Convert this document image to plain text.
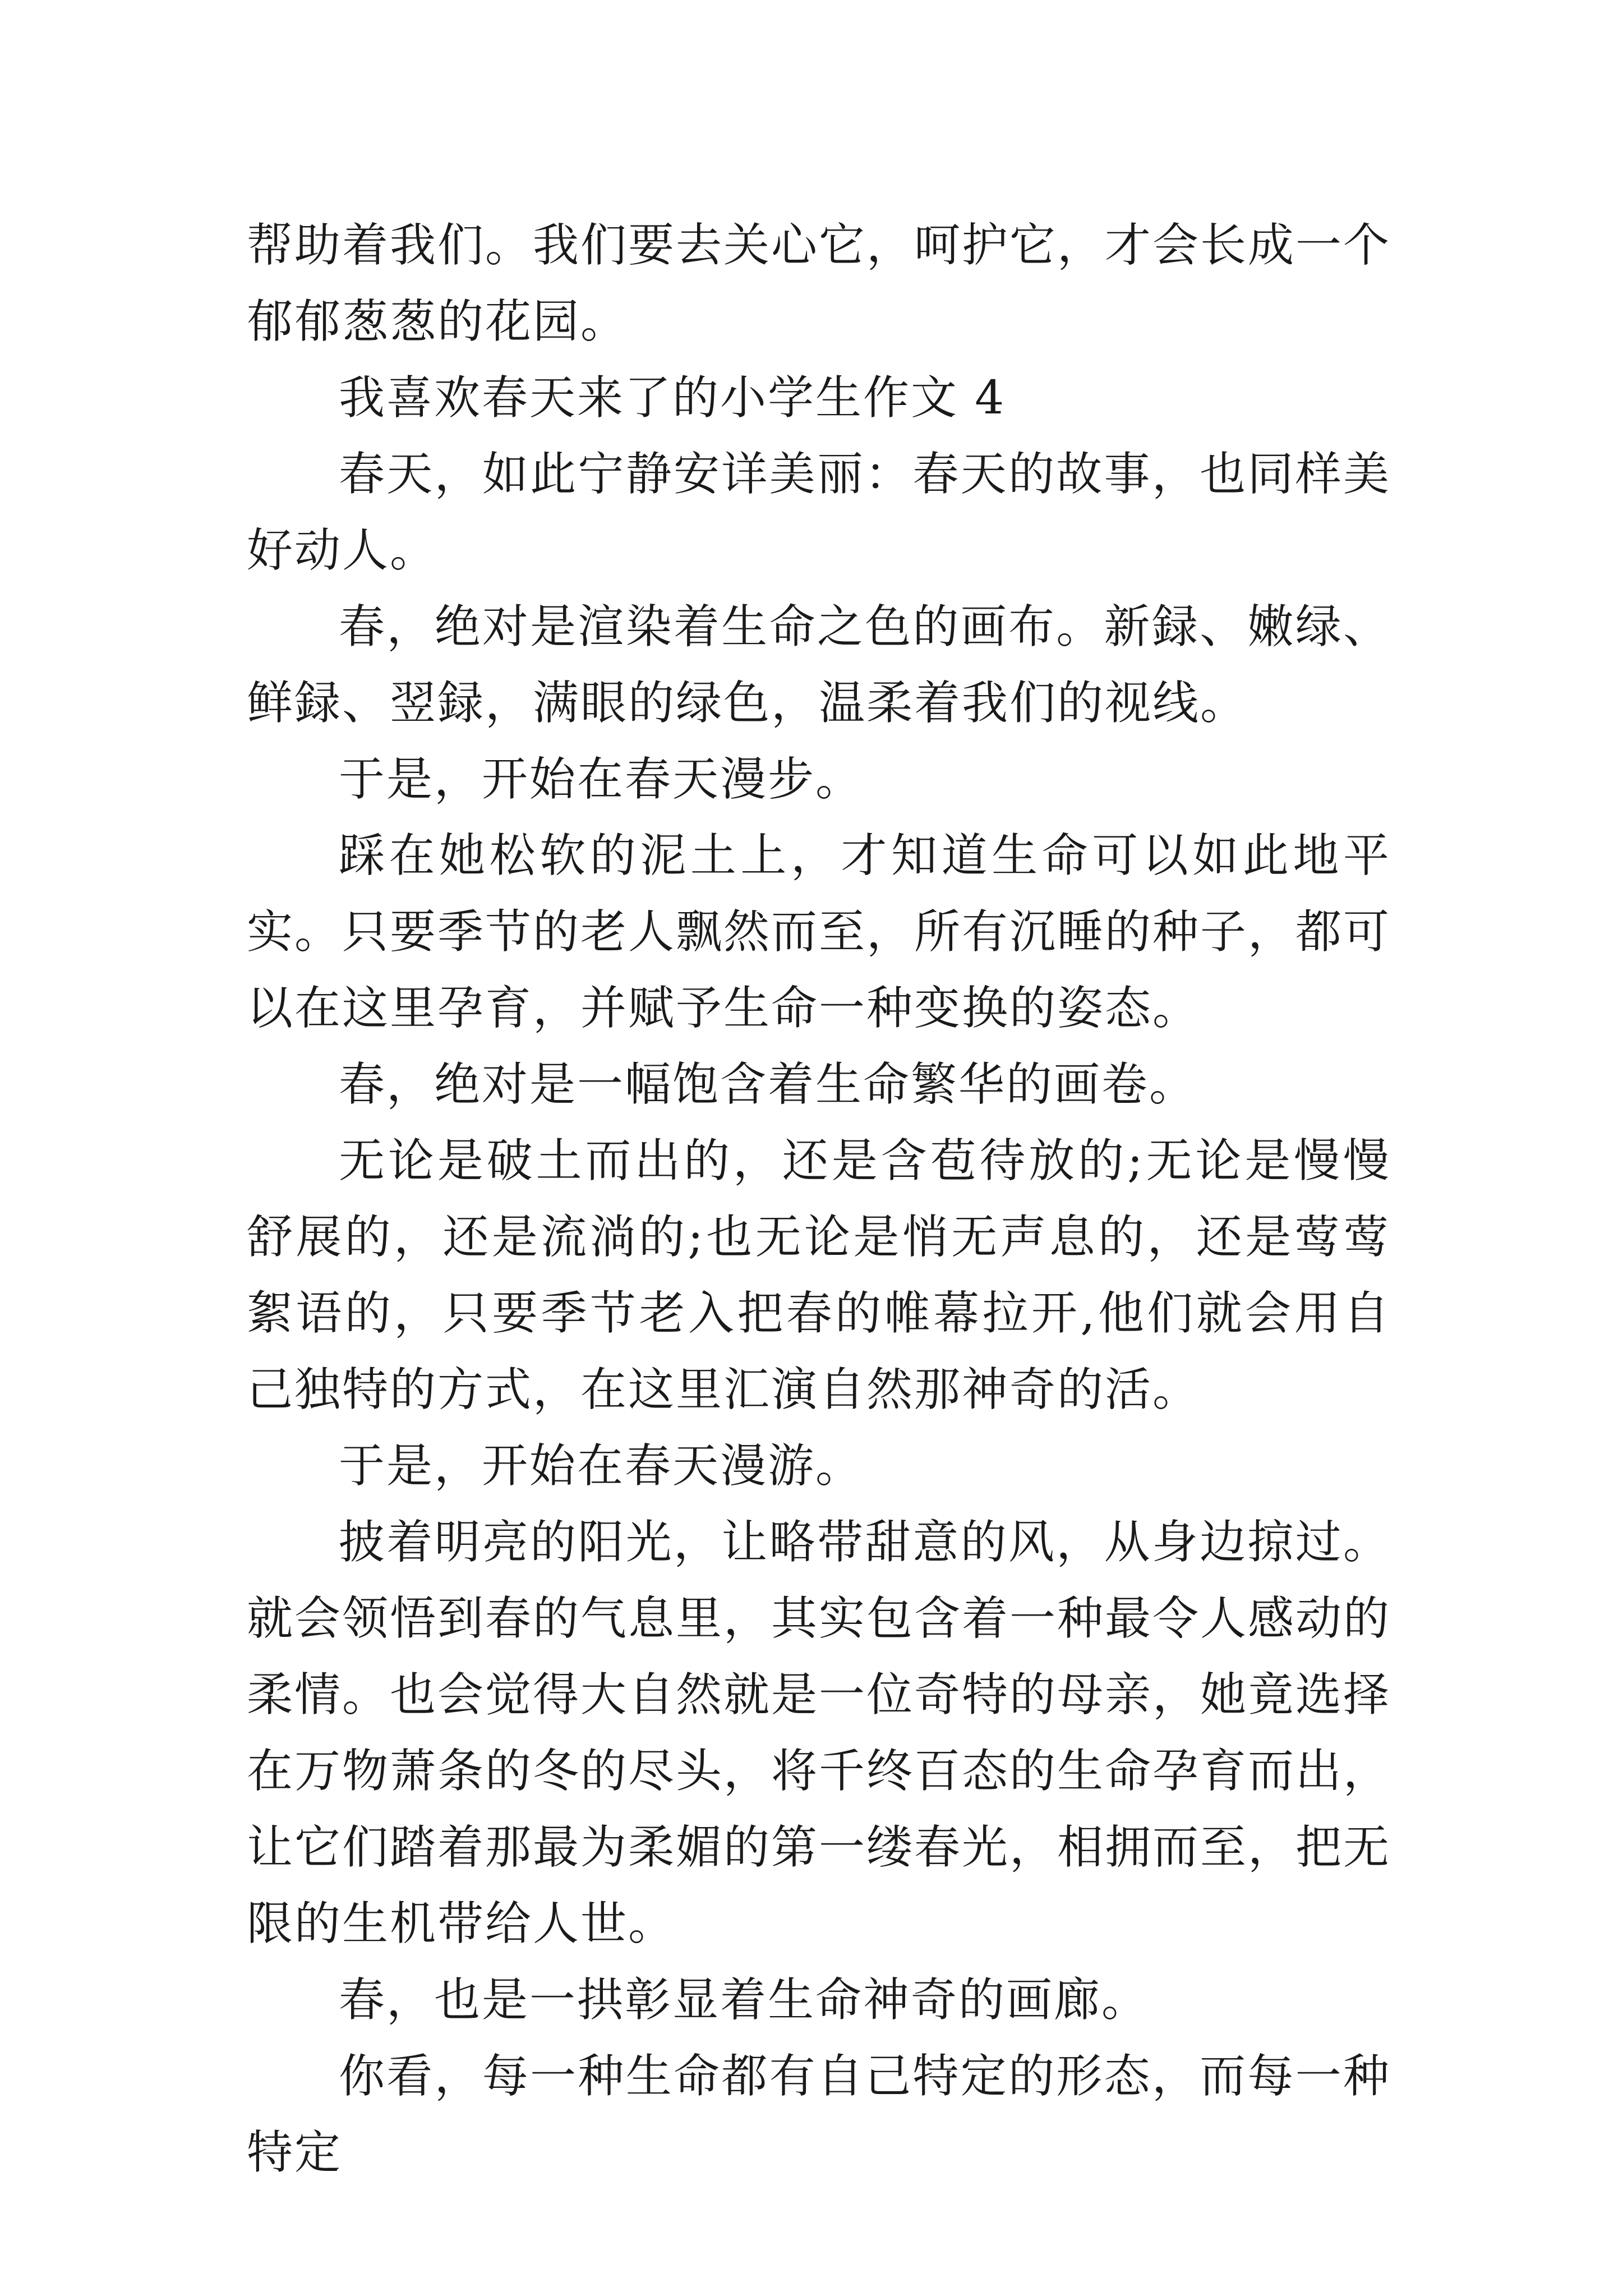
帮助着我们。我们要去关心它，呵护它，才会长成一个郁郁葱葱的花园。

我喜欢春天来了的小学生作文 4

春天，如此宁静安详美丽：春天的故事，也同样美好动人。

春，绝对是渲染着生命之色的画布。新録、嫩绿、鲜録、翌録，满眼的绿色，温柔着我们的视线。

于是，开始在春天漫步。

踩在她松软的泥土上，才知道生命可以如此地平实。只要季节的老人飘然而至，所有沉睡的种子，都可以在这里孕育，并赋予生命一种变换的姿态。

春，绝对是一幅饱含着生命繁华的画卷。

无论是破土而出的，还是含苞待放的;无论是慢慢舒展的，还是流淌的;也无论是悄无声息的，还是莺莺絮语的，只要季节老入把春的帷幕拉开,他们就会用自己独特的方式，在这里汇演自然那神奇的活。

于是，开始在春天漫游。

披着明亮的阳光，让略带甜意的风，从身边掠过。就会领悟到春的气息里，其实包含着一种最令人感动的柔情。也会觉得大自然就是一位奇特的母亲，她竟选择在万物萧条的冬的尽头，将千终百态的生命孕育而出，让它们踏着那最为柔媚的第一缕春光，相拥而至，把无限的生机带给人世。

春，也是一拱彰显着生命神奇的画廊。

你看，每一种生命都有自己特定的形态，而每一种特定
